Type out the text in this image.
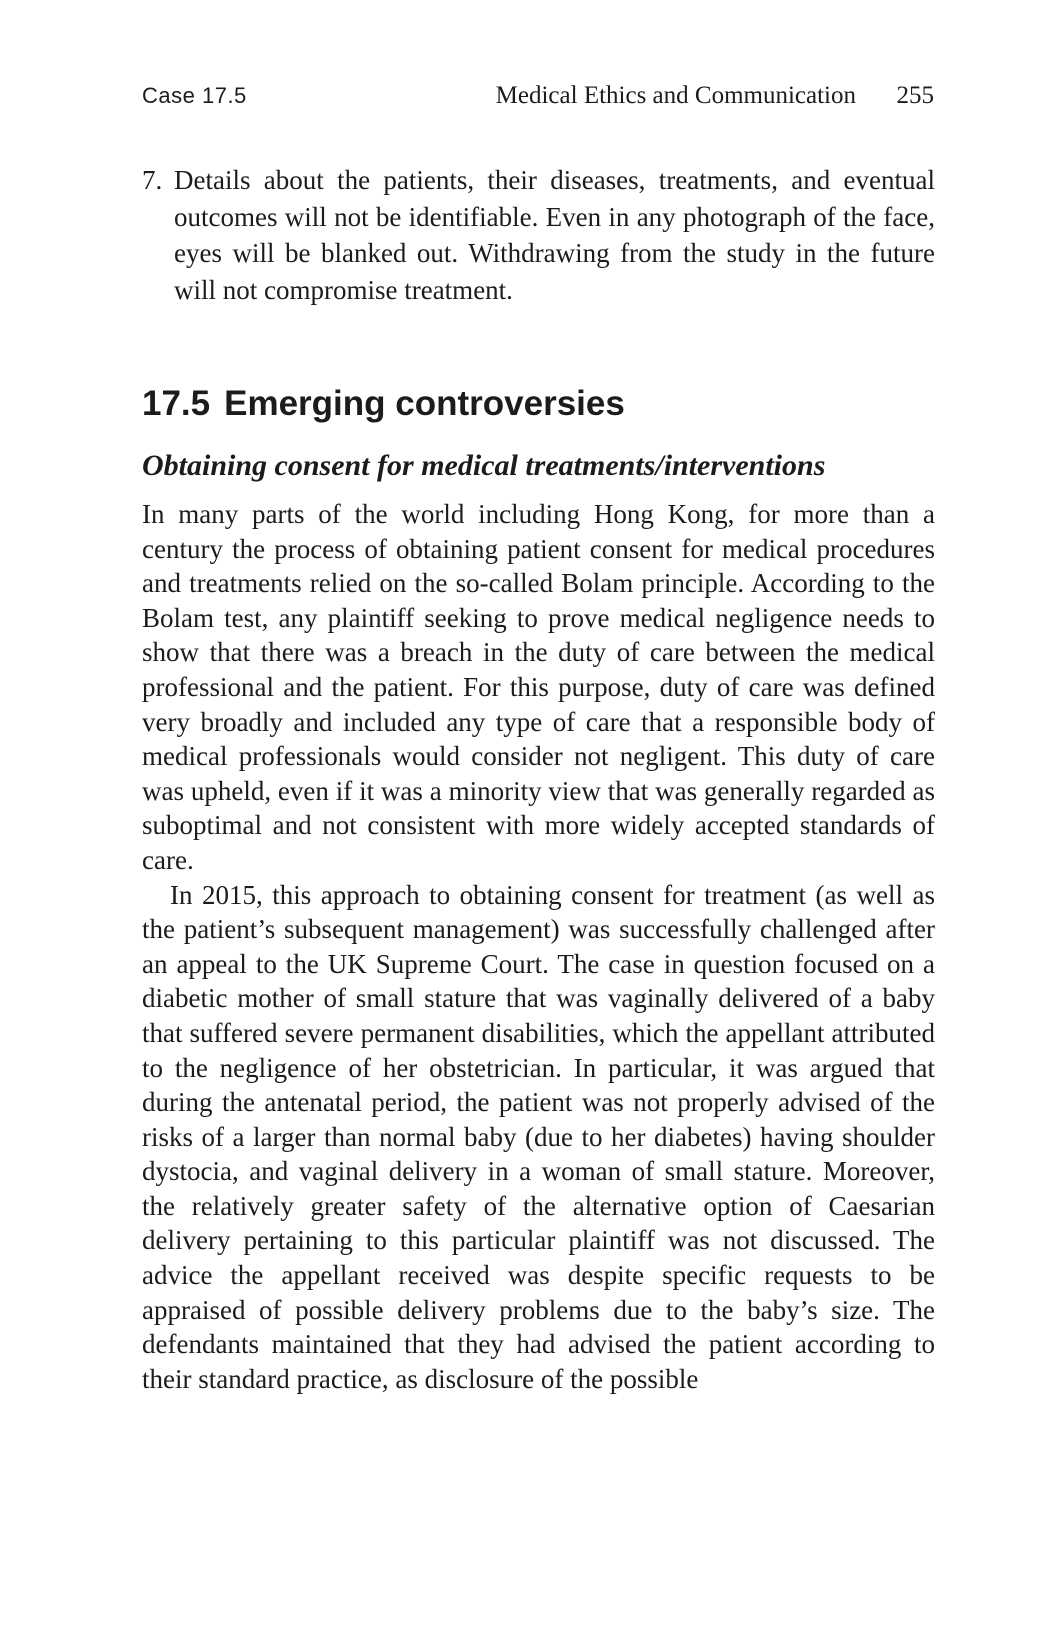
Case 17.5	Medical Ethics and Communication 255
7. Details about the patients, their diseases, treatments, and eventual outcomes will not be identifiable. Even in any photograph of the face, eyes will be blanked out. Withdrawing from the study in the future will not compromise treatment.
17.5 Emerging controversies
Obtaining consent for medical treatments/interventions

In many parts of the world including Hong Kong, for more than a century the process of obtaining patient consent for medical procedures and treatments relied on the so-called Bolam principle. According to the Bolam test, any plaintiff seeking to prove medical negligence needs to show that there was a breach in the duty of care between the medical professional and the patient. For this purpose, duty of care was defined very broadly and included any type of care that a responsible body of medical professionals would consider not negligent. This duty of care was upheld, even if it was a minority view that was generally regarded as suboptimal and not consistent with more widely accepted standards of care.

In 2015, this approach to obtaining consent for treatment (as well as the patient’s subsequent management) was successfully challenged after an appeal to the UK Supreme Court. The case in question focused on a diabetic mother of small stature that was vaginally delivered of a baby that suffered severe permanent disabilities, which the appellant attributed to the negligence of her obstetrician. In particular, it was argued that during the antenatal period, the patient was not properly advised of the risks of a larger than normal baby (due to her diabetes) having shoulder dystocia, and vaginal delivery in a woman of small stature. Moreover, the relatively greater safety of the alternative option of Caesarian delivery pertaining to this particular plaintiff was not discussed. The advice the appellant received was despite specific requests to be appraised of possible delivery problems due to the baby’s size. The defendants maintained that they had advised the patient according to their standard practice, as disclosure of the possible
